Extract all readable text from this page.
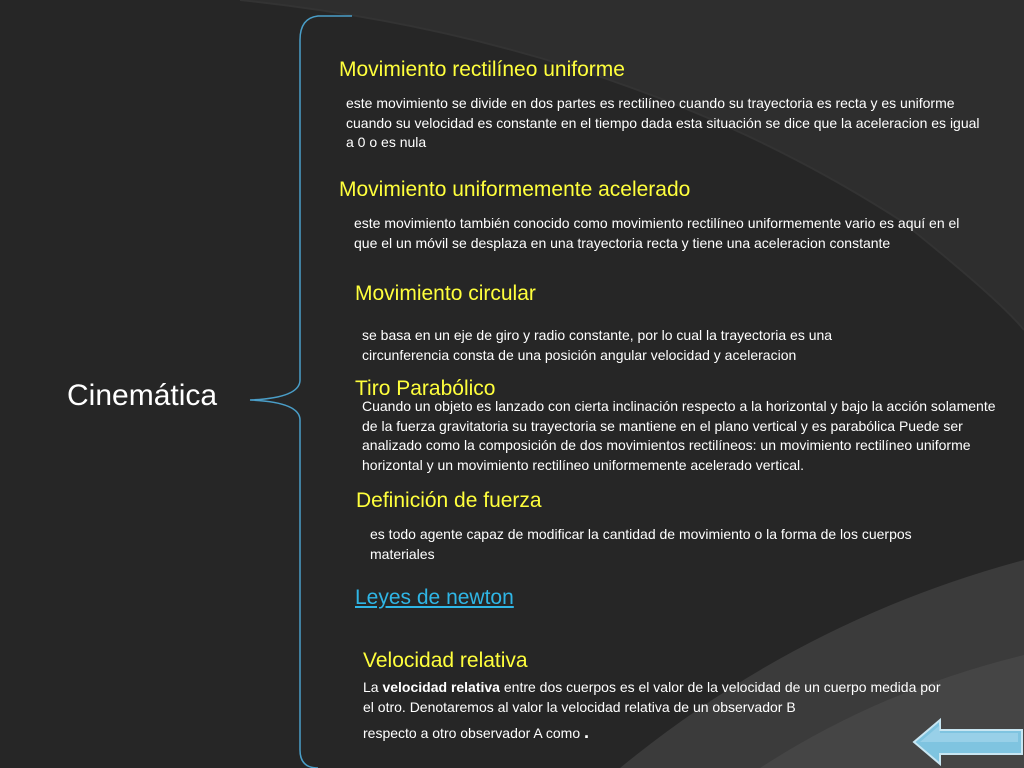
Cinemática
Movimiento rectilíneo uniforme
este movimiento se divide en dos partes es rectilíneo cuando su trayectoria es recta y es uniforme cuando su velocidad es constante en el tiempo dada esta situación se dice que la aceleracion es igual a 0 o es nula
Movimiento uniformemente acelerado
este movimiento también conocido como movimiento rectilíneo uniformemente vario es aquí en el que el un móvil se desplaza en una trayectoria recta y tiene una aceleracion constante
Movimiento circular
se basa en un eje de giro y radio constante, por lo cual la trayectoria es una circunferencia consta de una posición angular velocidad y aceleracion
Tiro Parabólico
Cuando un objeto es lanzado con cierta inclinación respecto a la horizontal y bajo la acción solamente de la fuerza gravitatoria su trayectoria se mantiene en el plano vertical y es parabólica Puede ser analizado como la composición de dos movimientos rectilíneos: un movimiento rectilíneo uniforme horizontal y un movimiento rectilíneo uniformemente acelerado vertical.
Definición de fuerza
es todo agente capaz de modificar la cantidad de movimiento o la forma de los cuerpos materiales
Leyes de newton
Velocidad relativa
La velocidad relativa entre dos cuerpos es el valor de la velocidad de un cuerpo medida por el otro. Denotaremos al valor la velocidad relativa de un observador B
respecto a otro observador A como .
